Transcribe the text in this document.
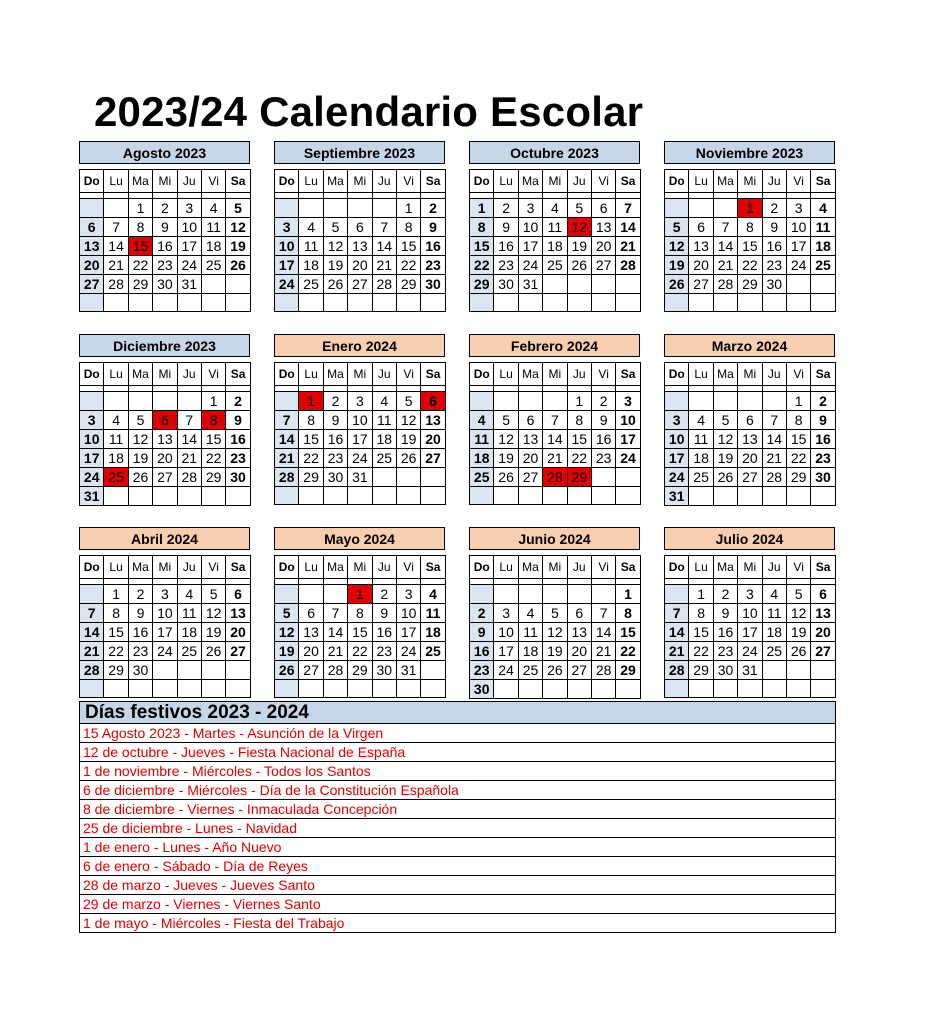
2023/24 Calendario Escolar
Agosto 2023
Do	Lu	Ma	Mi	Ju	Vi	Sa

		1	2	3	4	5
6	7	8	9	10	11	12
13	14	15	16	17	18	19
20	21	22	23	24	25	26
27	28	29	30	31		

Septiembre 2023
Do	Lu	Ma	Mi	Ju	Vi	Sa

					1	2
3	4	5	6	7	8	9
10	11	12	13	14	15	16
17	18	19	20	21	22	23
24	25	26	27	28	29	30

Octubre 2023
Do	Lu	Ma	Mi	Ju	Vi	Sa

1	2	3	4	5	6	7
8	9	10	11	12	13	14
15	16	17	18	19	20	21
22	23	24	25	26	27	28
29	30	31				

Noviembre 2023
Do	Lu	Ma	Mi	Ju	Vi	Sa

			1	2	3	4
5	6	7	8	9	10	11
12	13	14	15	16	17	18
19	20	21	22	23	24	25
26	27	28	29	30		

Diciembre 2023
Do	Lu	Ma	Mi	Ju	Vi	Sa

					1	2
3	4	5	6	7	8	9
10	11	12	13	14	15	16
17	18	19	20	21	22	23
24	25	26	27	28	29	30
31						
Enero 2024
Do	Lu	Ma	Mi	Ju	Vi	Sa

	1	2	3	4	5	6
7	8	9	10	11	12	13
14	15	16	17	18	19	20
21	22	23	24	25	26	27
28	29	30	31			

Febrero 2024
Do	Lu	Ma	Mi	Ju	Vi	Sa

				1	2	3
4	5	6	7	8	9	10
11	12	13	14	15	16	17
18	19	20	21	22	23	24
25	26	27	28	29		

Marzo 2024
Do	Lu	Ma	Mi	Ju	Vi	Sa

					1	2
3	4	5	6	7	8	9
10	11	12	13	14	15	16
17	18	19	20	21	22	23
24	25	26	27	28	29	30
31						
Abril 2024
Do	Lu	Ma	Mi	Ju	Vi	Sa

	1	2	3	4	5	6
7	8	9	10	11	12	13
14	15	16	17	18	19	20
21	22	23	24	25	26	27
28	29	30				

Mayo 2024
Do	Lu	Ma	Mi	Ju	Vi	Sa

			1	2	3	4
5	6	7	8	9	10	11
12	13	14	15	16	17	18
19	20	21	22	23	24	25
26	27	28	29	30	31	

Junio 2024
Do	Lu	Ma	Mi	Ju	Vi	Sa

						1
2	3	4	5	6	7	8
9	10	11	12	13	14	15
16	17	18	19	20	21	22
23	24	25	26	27	28	29
30						
Julio 2024
Do	Lu	Ma	Mi	Ju	Vi	Sa

	1	2	3	4	5	6
7	8	9	10	11	12	13
14	15	16	17	18	19	20
21	22	23	24	25	26	27
28	29	30	31			

Días festivos 2023 - 2024
15 Agosto 2023 - Martes - Asunción de la Virgen
12 de octubre - Jueves - Fiesta Nacional de España
1 de noviembre - Miércoles - Todos los Santos
6 de diciembre - Miércoles - Día de la Constitución Española
8 de diciembre - Viernes - Inmaculada Concepción
25 de diciembre - Lunes - Navidad
1 de enero - Lunes - Año Nuevo
6 de enero - Sábado - Día de Reyes
28 de marzo - Jueves - Jueves Santo
29 de marzo - Viernes - Viernes Santo
1 de mayo - Miércoles - Fiesta del Trabajo
